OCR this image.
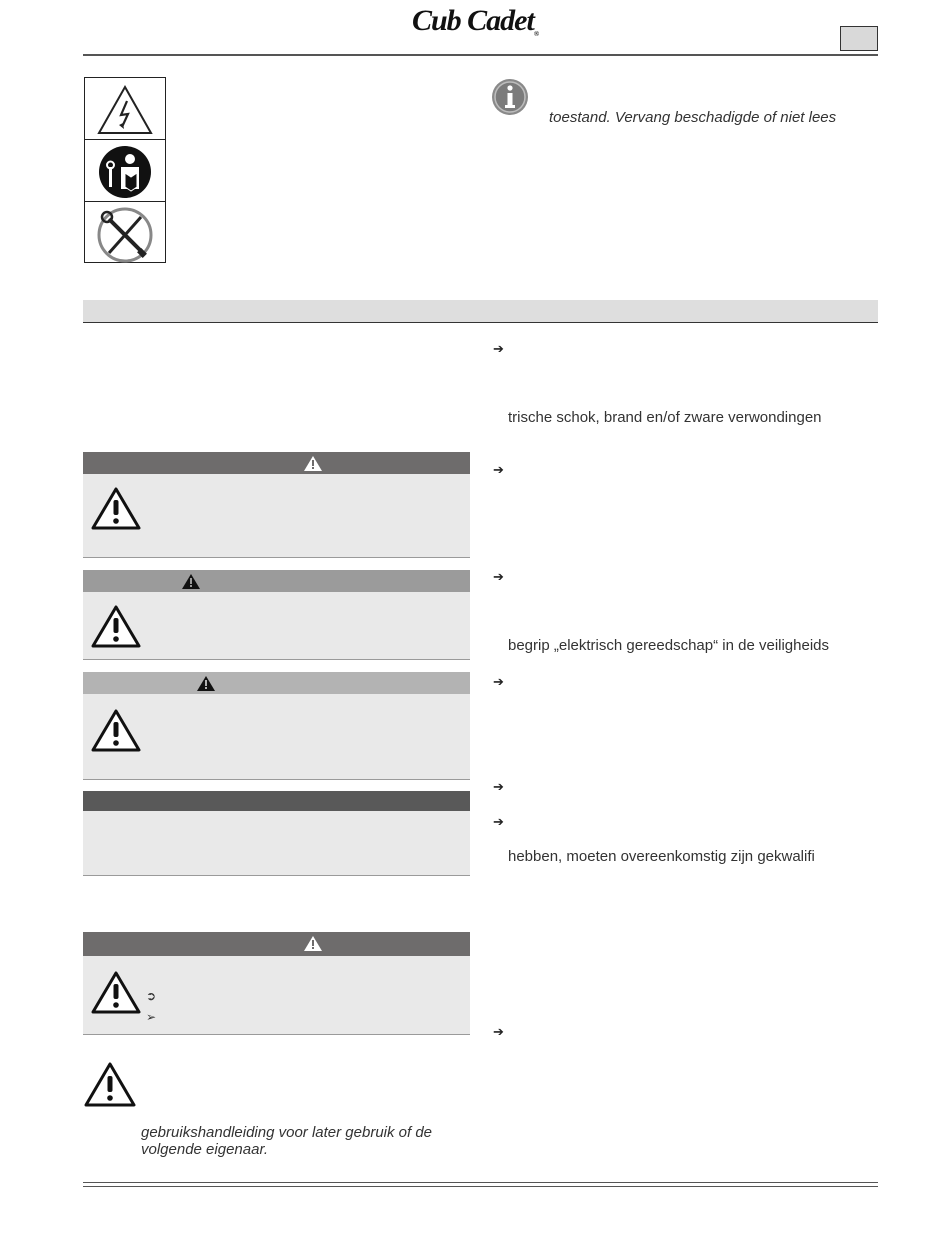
Cub Cadet®
toestand. Vervang beschadigde of niet lees
➔
trische schok, brand en/of zware verwondingen
➔
➔
begrip „elektrisch gereedschap“ in de veiligheids
➔
➔
➔
hebben, moeten overeenkomstig zijn gekwalifi
➔
➲
➢
gebruikshandleiding voor later gebruik of de
volgende eigenaar.
